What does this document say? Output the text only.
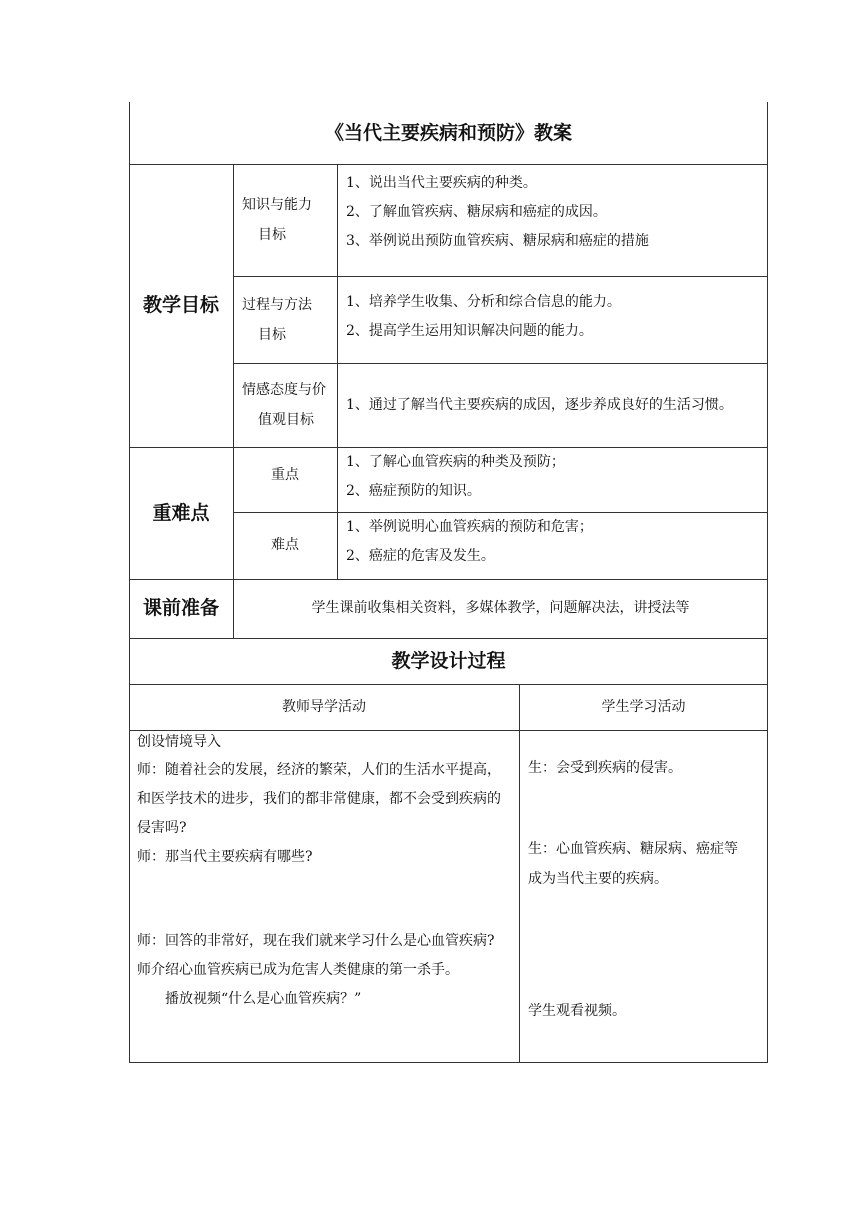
《当代主要疾病和预防》教案
教学目标
知识与能力
目标
1、说出当代主要疾病的种类。
2、了解血管疾病、糖尿病和癌症的成因。
3、举例说出预防血管疾病、糖尿病和癌症的措施
过程与方法
目标
1、培养学生收集、分析和综合信息的能力。
2、提高学生运用知识解决问题的能力。
情感态度与价
值观目标
1、通过了解当代主要疾病的成因，逐步养成良好的生活习惯。
重难点
重点
1、了解心血管疾病的种类及预防；
2、癌症预防的知识。
难点
1、举例说明心血管疾病的预防和危害；
2、癌症的危害及发生。
课前准备	学生课前收集相关资料，多媒体教学，问题解决法，讲授法等
教学设计过程
教师导学活动	学生学习活动
创设情境导入
师：随着社会的发展，经济的繁荣，人们的生活水平提高，
和医学技术的进步，我们的都非常健康，都不会受到疾病的
侵害吗?
师：那当代主要疾病有哪些?
师：回答的非常好，现在我们就来学习什么是心血管疾病?
师介绍心血管疾病已成为危害人类健康的第一杀手。
播放视频“什么是心血管疾病？”
生：会受到疾病的侵害。
生：心血管疾病、糖尿病、癌症等
成为当代主要的疾病。
学生观看视频。
